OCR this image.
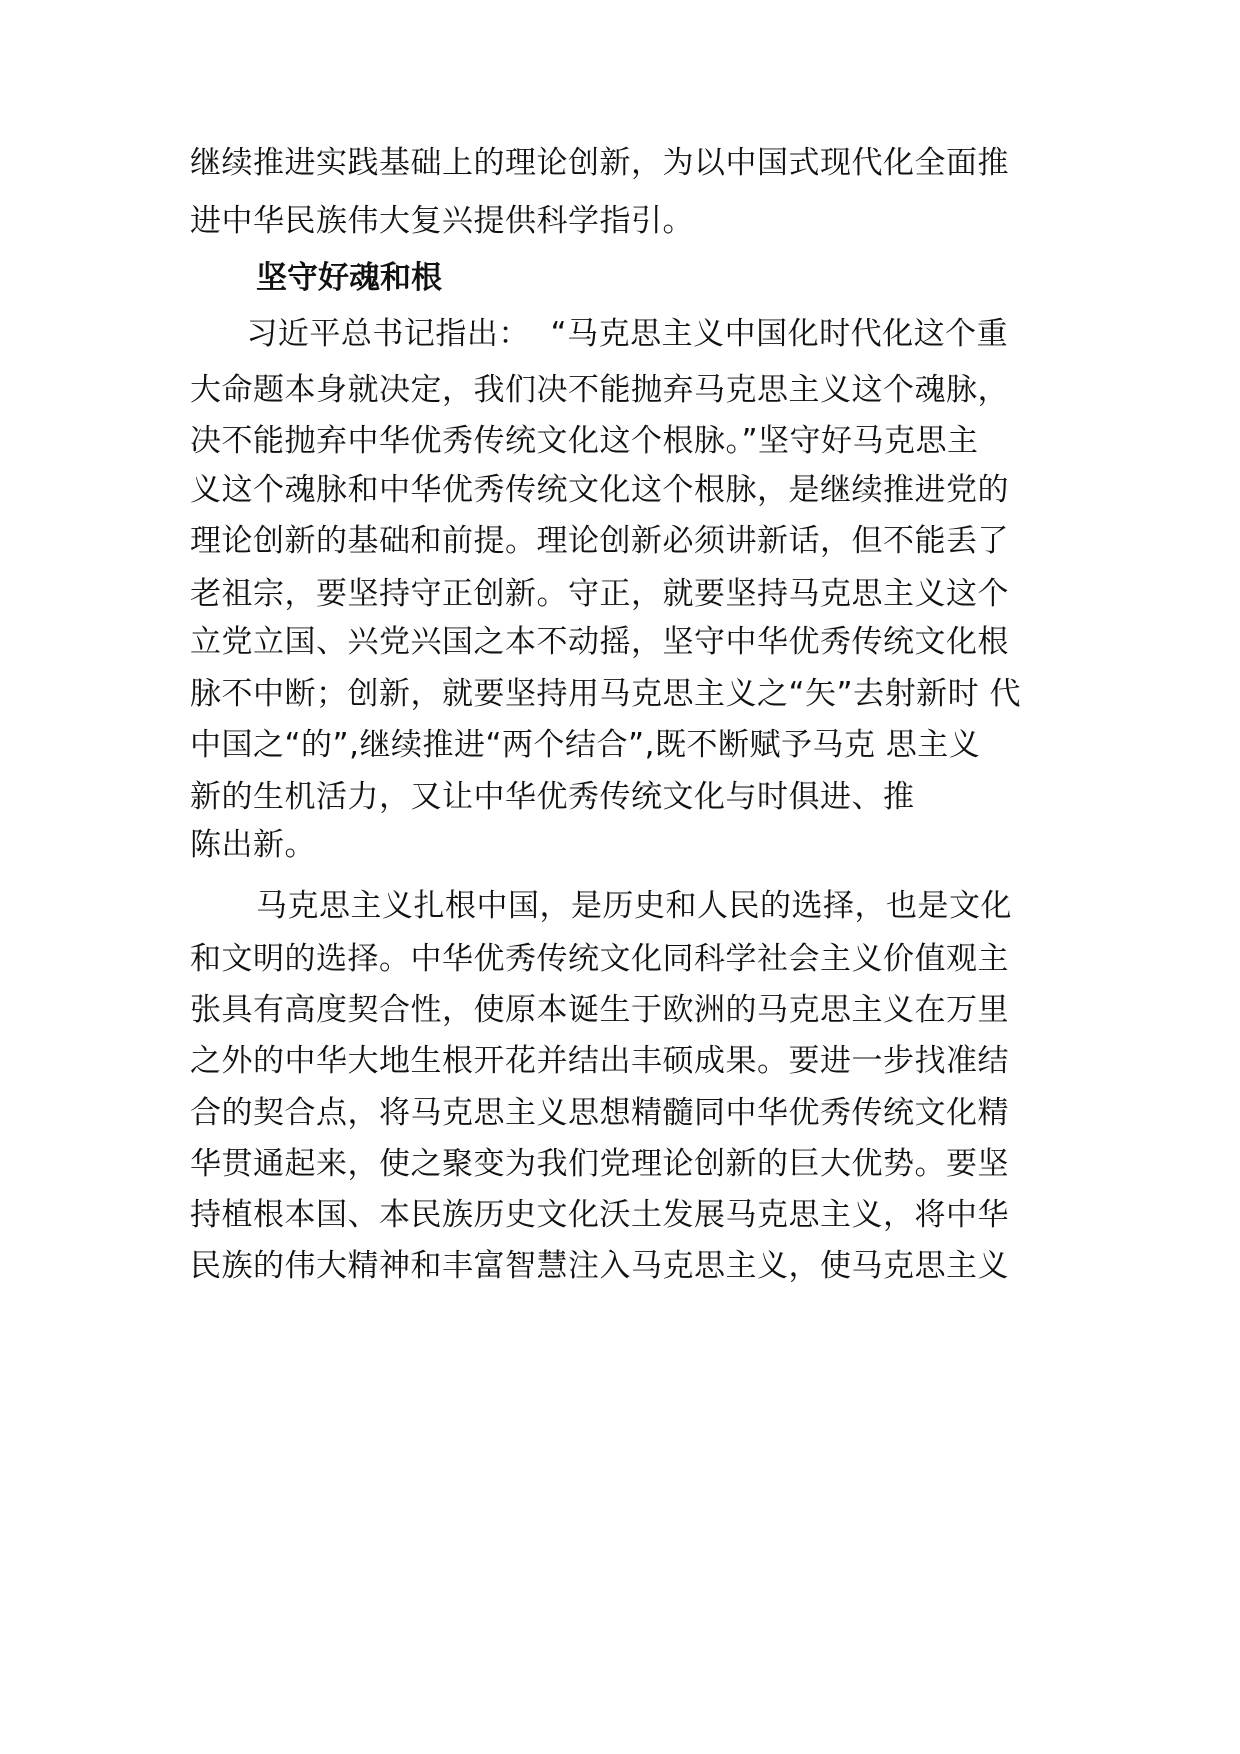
继续推进实践基础上的理论创新，为以中国式现代化全面推
进中华民族伟大复兴提供科学指引。
坚守好魂和根
习近平总书记指出：  “马克思主义中国化时代化这个重
大命题本身就决定，我们决不能抛弃马克思主义这个魂脉，
决不能抛弃中华优秀传统文化这个根脉。”坚守好马克思主
义这个魂脉和中华优秀传统文化这个根脉，是继续推进党的
理论创新的基础和前提。理论创新必须讲新话，但不能丢了
老祖宗，要坚持守正创新。守正，就要坚持马克思主义这个
立党立国、兴党兴国之本不动摇，坚守中华优秀传统文化根
脉不中断；创新，就要坚持用马克思主义之“矢”去射新时 代
中国之“的”,继续推进“两个结合”,既不断赋予马克 思主义
新的生机活力，又让中华优秀传统文化与时俱进、推
陈出新。
马克思主义扎根中国，是历史和人民的选择，也是文化
和文明的选择。中华优秀传统文化同科学社会主义价值观主
张具有高度契合性，使原本诞生于欧洲的马克思主义在万里
之外的中华大地生根开花并结出丰硕成果。要进一步找准结
合的契合点，将马克思主义思想精髓同中华优秀传统文化精
华贯通起来，使之聚变为我们党理论创新的巨大优势。要坚
持植根本国、本民族历史文化沃土发展马克思主义，将中华
民族的伟大精神和丰富智慧注入马克思主义，使马克思主义
